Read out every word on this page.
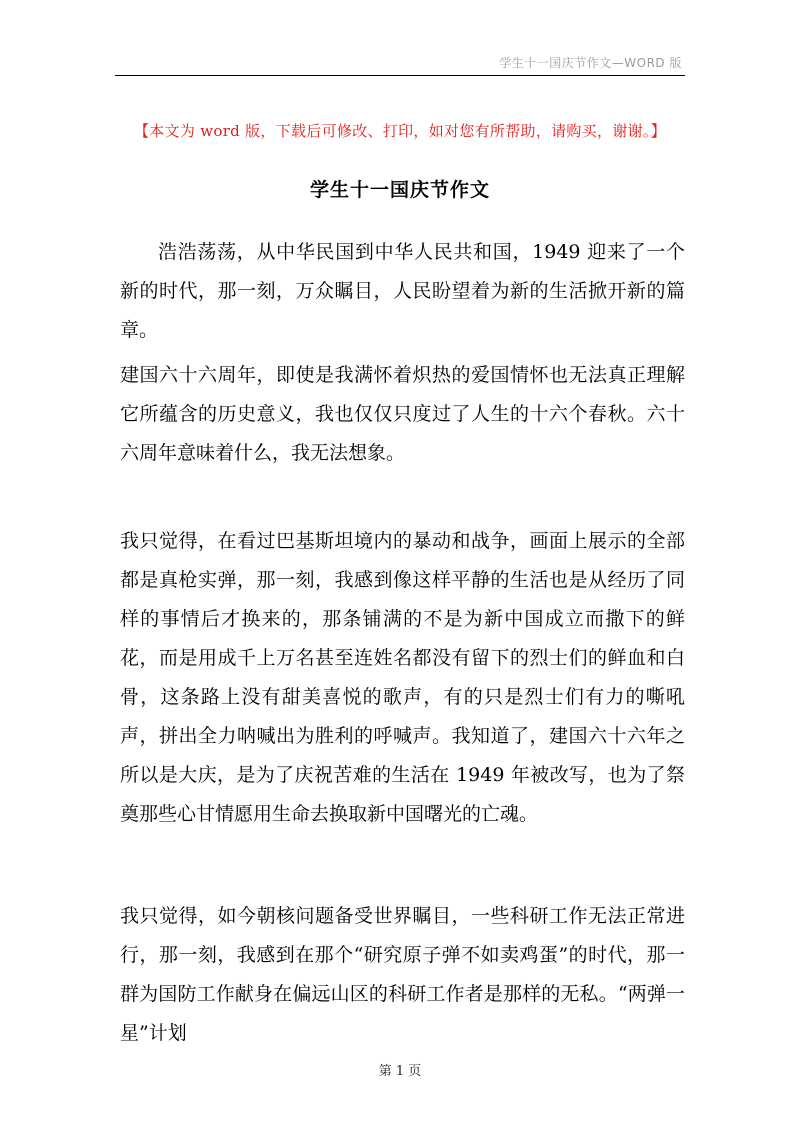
学生十一国庆节作文—WORD 版
【本文为 word 版，下载后可修改、打印，如对您有所帮助，请购买，谢谢。】
学生十一国庆节作文

浩浩荡荡，从中华民国到中华人民共和国，1949 迎来了一个新的时代，那一刻，万众瞩目，人民盼望着为新的生活掀开新的篇章。

建国六十六周年，即使是我满怀着炽热的爱国情怀也无法真正理解它所蕴含的历史意义，我也仅仅只度过了人生的十六个春秋。六十六周年意味着什么，我无法想象。

我只觉得，在看过巴基斯坦境内的暴动和战争，画面上展示的全部都是真枪实弹，那一刻，我感到像这样平静的生活也是从经历了同样的事情后才换来的，那条铺满的不是为新中国成立而撒下的鲜花，而是用成千上万名甚至连姓名都没有留下的烈士们的鲜血和白骨，这条路上没有甜美喜悦的歌声，有的只是烈士们有力的嘶吼声，拼出全力呐喊出为胜利的呼喊声。我知道了，建国六十六年之所以是大庆，是为了庆祝苦难的生活在 1949 年被改写，也为了祭奠那些心甘情愿用生命去换取新中国曙光的亡魂。

我只觉得，如今朝核问题备受世界瞩目，一些科研工作无法正常进行，那一刻，我感到在那个“研究原子弹不如卖鸡蛋”的时代，那一群为国防工作献身在偏远山区的科研工作者是那样的无私。“两弹一星”计划

第 1 页
